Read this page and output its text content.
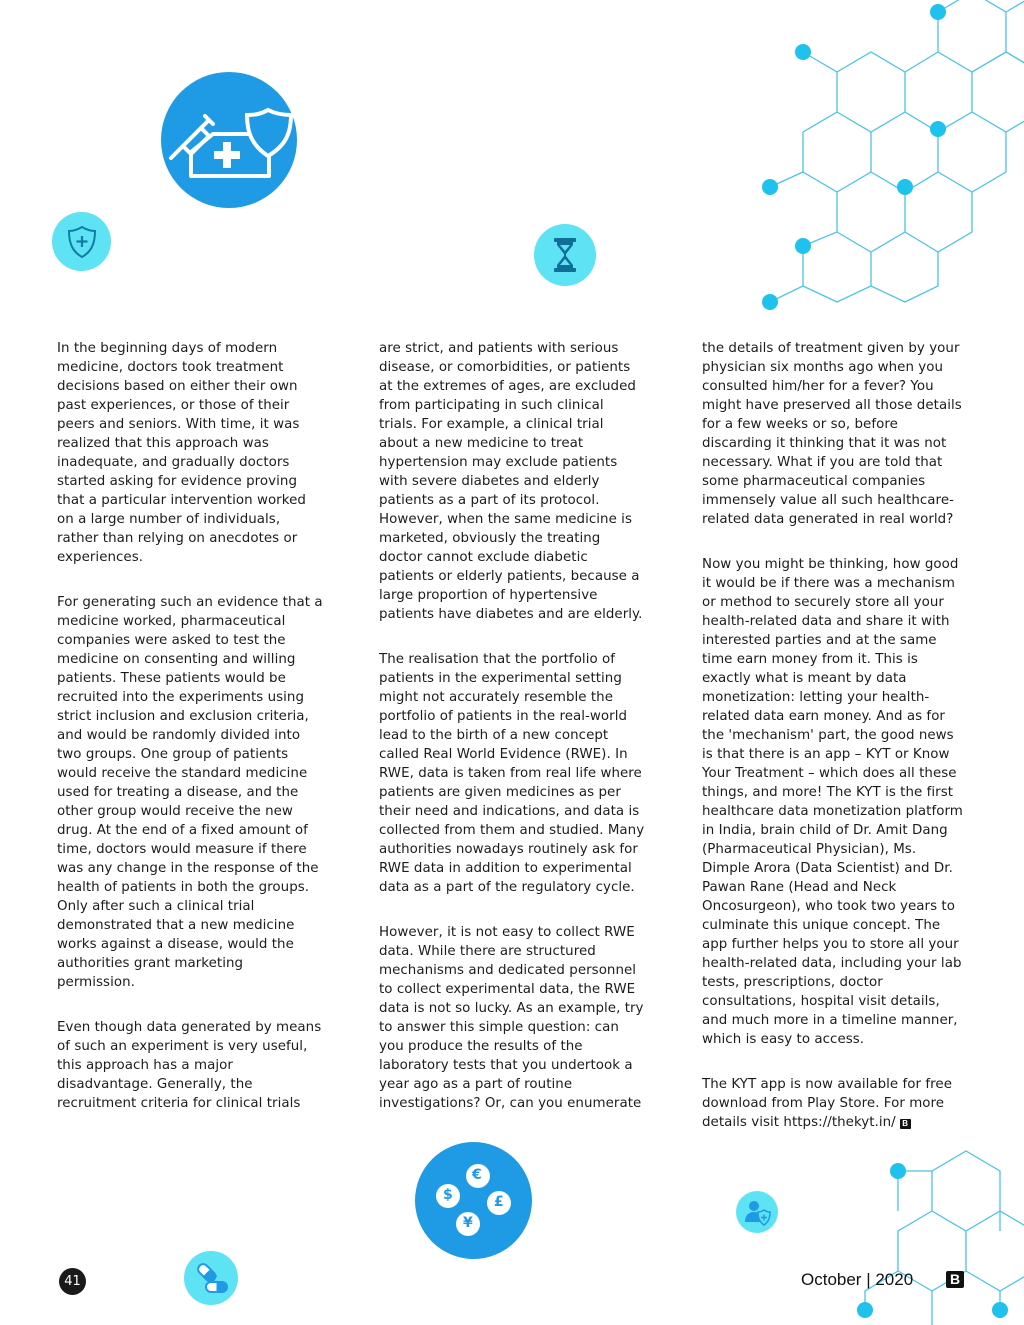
In the beginning days of modern medicine, doctors took treatment decisions based on either their own past experiences, or those of their peers and seniors. With time, it was realized that this approach was inadequate, and gradually doctors started asking for evidence proving that a particular intervention worked on a large number of individuals, rather than relying on anecdotes or experiences.

For generating such an evidence that a medicine worked, pharmaceutical companies were asked to test the medicine on consenting and willing patients. These patients would be recruited into the experiments using strict inclusion and exclusion criteria, and would be randomly divided into two groups. One group of patients would receive the standard medicine used for treating a disease, and the other group would receive the new drug. At the end of a fixed amount of time, doctors would measure if there was any change in the response of the health of patients in both the groups. Only after such a clinical trial demonstrated that a new medicine works against a disease, would the authorities grant marketing permission.

Even though data generated by means of such an experiment is very useful, this approach has a major disadvantage. Generally, the recruitment criteria for clinical trials

are strict, and patients with serious disease, or comorbidities, or patients at the extremes of ages, are excluded from participating in such clinical trials. For example, a clinical trial about a new medicine to treat hypertension may exclude patients with severe diabetes and elderly patients as a part of its protocol. However, when the same medicine is marketed, obviously the treating doctor cannot exclude diabetic patients or elderly patients, because a large proportion of hypertensive patients have diabetes and are elderly.

The realisation that the portfolio of patients in the experimental setting might not accurately resemble the portfolio of patients in the real-world lead to the birth of a new concept called Real World Evidence (RWE). In RWE, data is taken from real life where patients are given medicines as per their need and indications, and data is collected from them and studied. Many authorities nowadays routinely ask for RWE data in addition to experimental data as a part of the regulatory cycle.

However, it is not easy to collect RWE data. While there are structured mechanisms and dedicated personnel to collect experimental data, the RWE data is not so lucky. As an example, try to answer this simple question: can you produce the results of the laboratory tests that you undertook a year ago as a part of routine investigations? Or, can you enumerate

the details of treatment given by your physician six months ago when you consulted him/her for a fever? You might have preserved all those details for a few weeks or so, before discarding it thinking that it was not necessary. What if you are told that some pharmaceutical companies immensely value all such healthcare-related data generated in real world?

Now you might be thinking, how good it would be if there was a mechanism or method to securely store all your health-related data and share it with interested parties and at the same time earn money from it. This is exactly what is meant by data monetization: letting your health-related data earn money. And as for the 'mechanism' part, the good news is that there is an app – KYT or Know Your Treatment – which does all these things, and more! The KYT is the first healthcare data monetization platform in India, brain child of Dr. Amit Dang (Pharmaceutical Physician), Ms. Dimple Arora (Data Scientist) and Dr. Pawan Rane (Head and Neck Oncosurgeon), who took two years to culminate this unique concept. The app further helps you to store all your health-related data, including your lab tests, prescriptions, doctor consultations, hospital visit details, and much more in a timeline manner, which is easy to access.

The KYT app is now available for free download from Play Store. For more details visit https://thekyt.in/ B

€
$	£
¥
41	October | 2020	B
